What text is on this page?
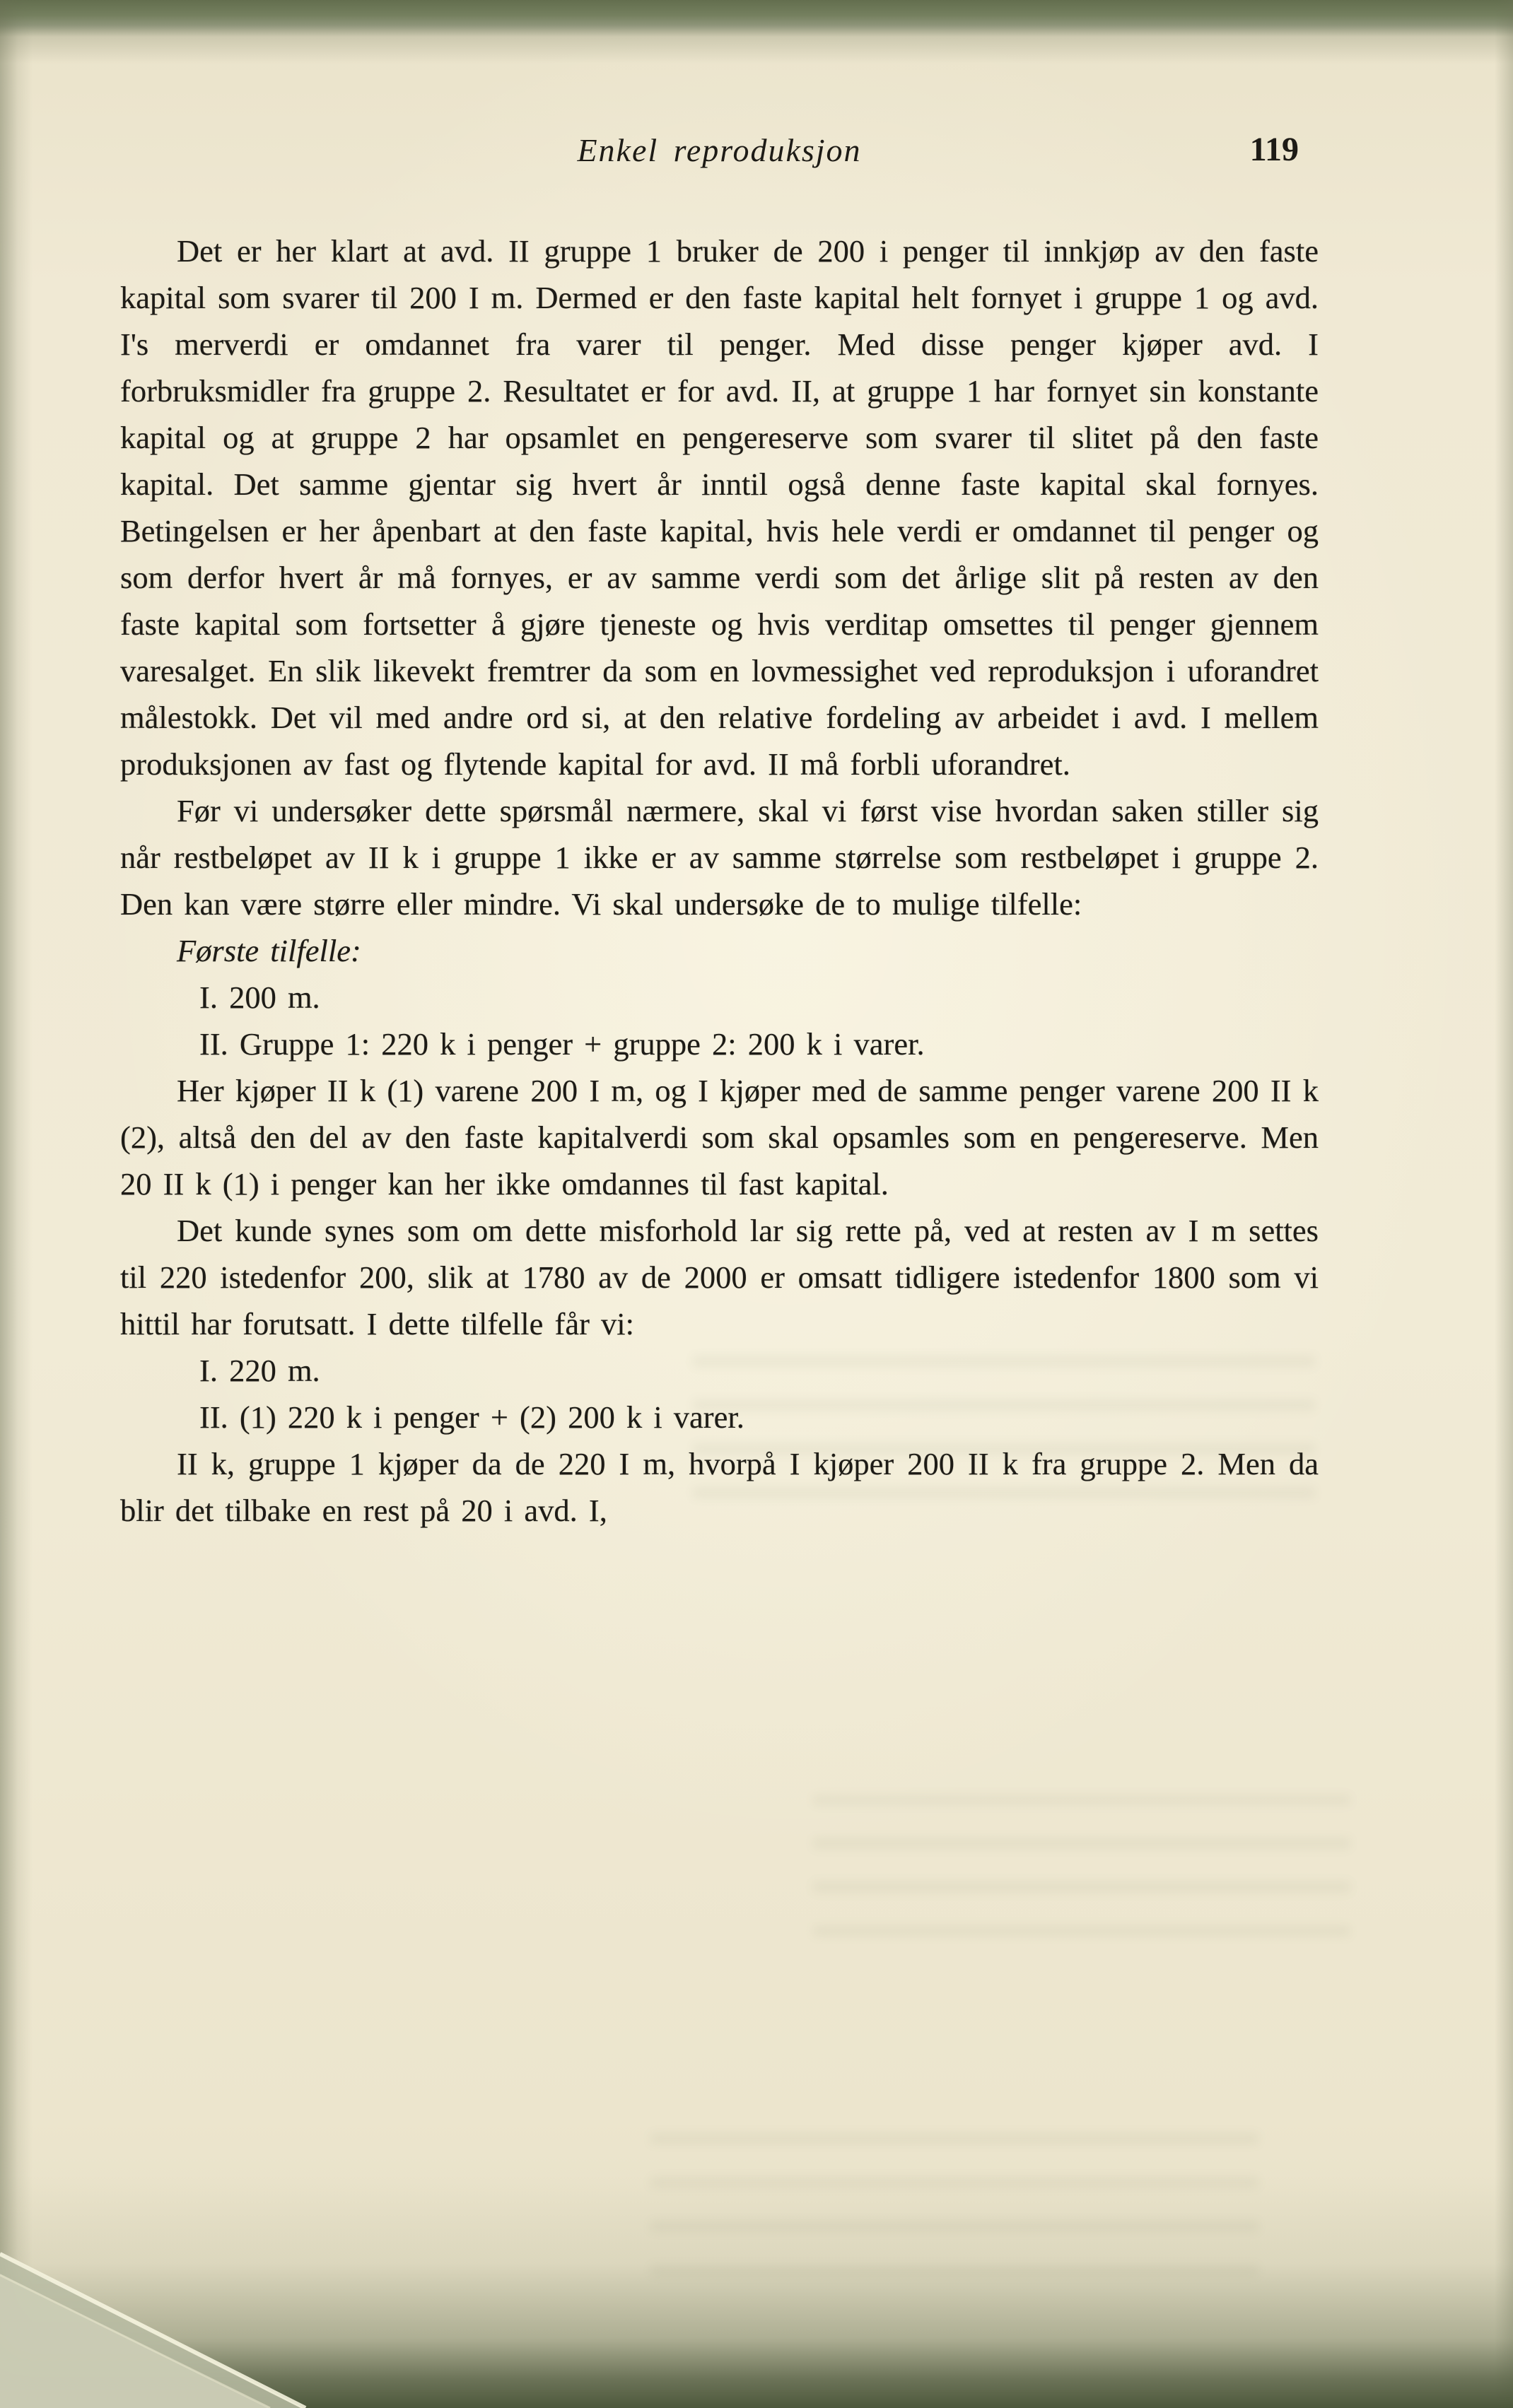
Enkel reproduksjon	119

Det er her klart at avd. II gruppe 1 bruker de 200 i penger til innkjøp av den faste kapital som svarer til 200 I m. Dermed er den faste kapital helt fornyet i gruppe 1 og avd. I's merverdi er omdannet fra varer til penger. Med disse penger kjøper avd. I forbruksmidler fra gruppe 2. Resultatet er for avd. II, at gruppe 1 har fornyet sin konstante kapital og at gruppe 2 har opsamlet en pengereserve som svarer til slitet på den faste kapital. Det samme gjentar sig hvert år inntil også denne faste kapital skal fornyes. Betingelsen er her åpenbart at den faste kapital, hvis hele verdi er omdannet til penger og som derfor hvert år må fornyes, er av samme verdi som det årlige slit på resten av den faste kapital som fortsetter å gjøre tjeneste og hvis verditap omsettes til penger gjennem varesalget. En slik likevekt fremtrer da som en lovmessighet ved reproduksjon i uforandret målestokk. Det vil med andre ord si, at den relative fordeling av arbeidet i avd. I mellem produksjonen av fast og flytende kapital for avd. II må forbli uforandret.

Før vi undersøker dette spørsmål nærmere, skal vi først vise hvordan saken stiller sig når restbeløpet av II k i gruppe 1 ikke er av samme størrelse som restbeløpet i gruppe 2. Den kan være større eller mindre. Vi skal undersøke de to mulige tilfelle:

Første tilfelle:

I. 200 m.

II. Gruppe 1: 220 k i penger + gruppe 2: 200 k i varer.

Her kjøper II k (1) varene 200 I m, og I kjøper med de samme penger varene 200 II k (2), altså den del av den faste kapitalverdi som skal opsamles som en pengereserve. Men 20 II k (1) i penger kan her ikke omdannes til fast kapital.

Det kunde synes som om dette misforhold lar sig rette på, ved at resten av I m settes til 220 istedenfor 200, slik at 1780 av de 2000 er omsatt tidligere istedenfor 1800 som vi hittil har forutsatt. I dette tilfelle får vi:

I. 220 m.

II. (1) 220 k i penger + (2) 200 k i varer.

II k, gruppe 1 kjøper da de 220 I m, hvorpå I kjøper 200 II k fra gruppe 2. Men da blir det tilbake en rest på 20 i avd. I,
